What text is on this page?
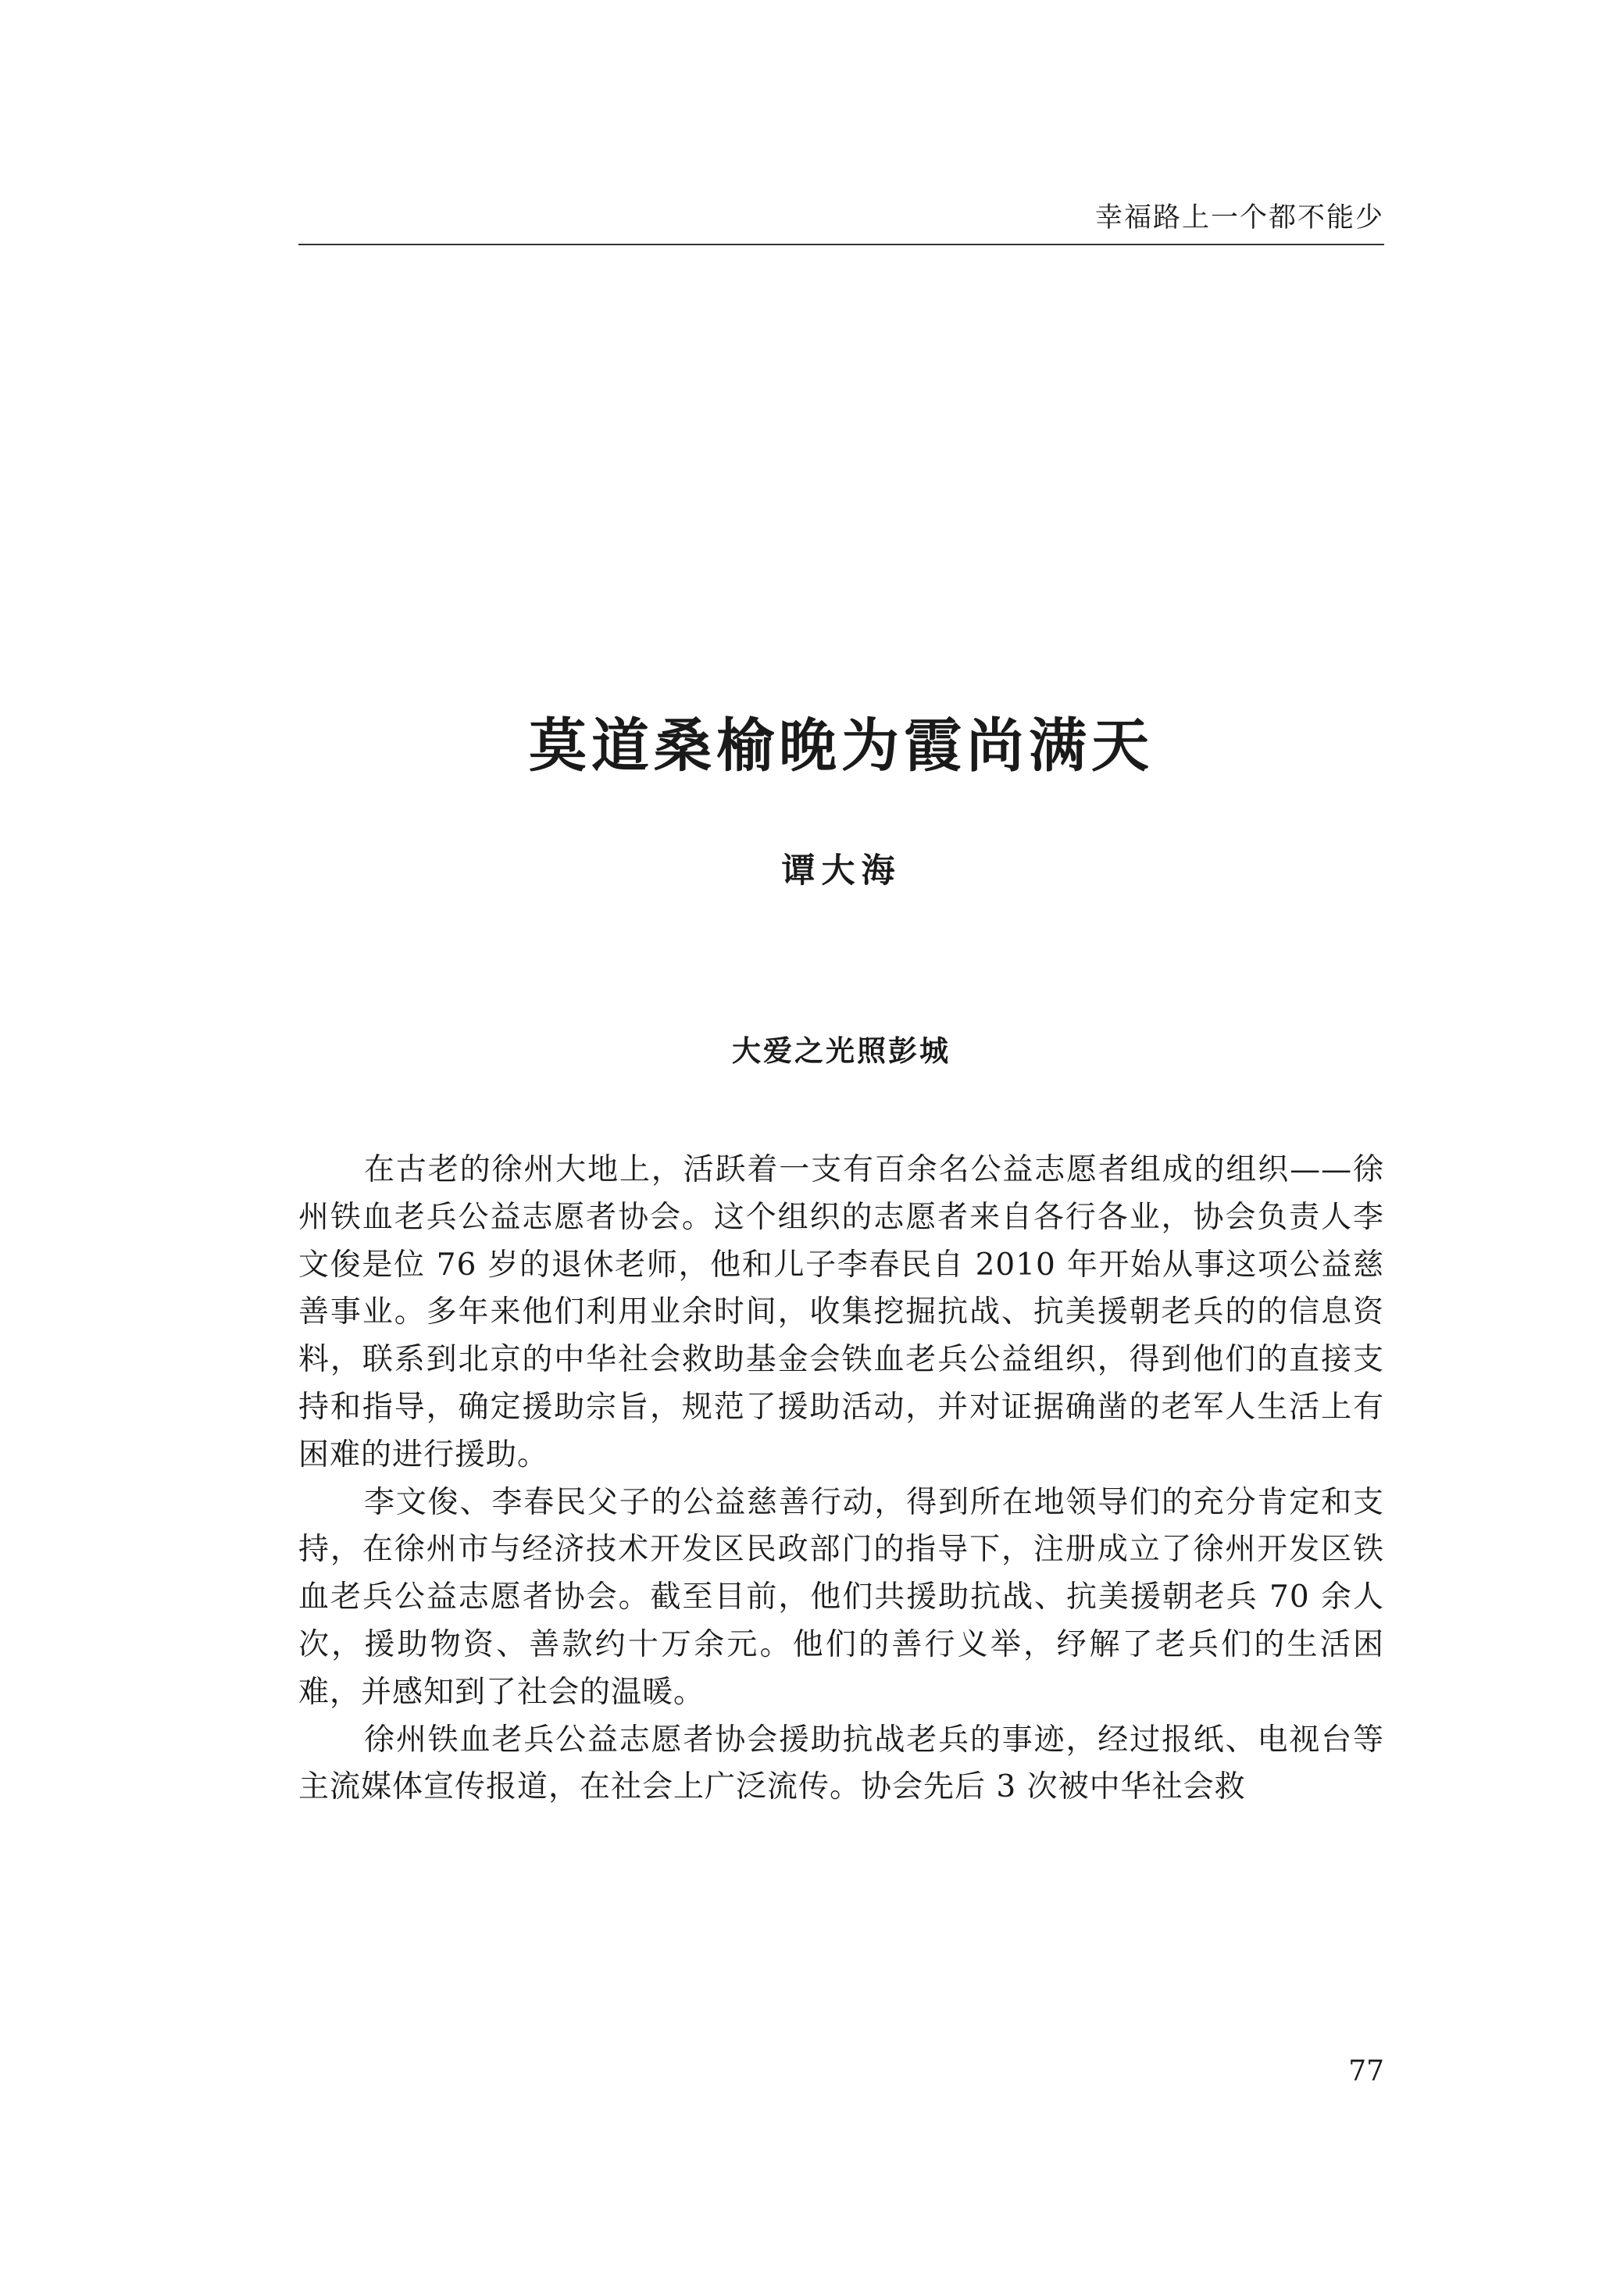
幸福路上一个都不能少
莫道桑榆晚为霞尚满天
谭大海
大爱之光照彭城

在古老的徐州大地上，活跃着一支有百余名公益志愿者组成的组织——徐州铁血老兵公益志愿者协会。这个组织的志愿者来自各行各业，协会负责人李文俊是位 76 岁的退休老师，他和儿子李春民自 2010 年开始从事这项公益慈善事业。多年来他们利用业余时间，收集挖掘抗战、抗美援朝老兵的的信息资料，联系到北京的中华社会救助基金会铁血老兵公益组织，得到他们的直接支持和指导，确定援助宗旨，规范了援助活动，并对证据确凿的老军人生活上有困难的进行援助。

李文俊、李春民父子的公益慈善行动，得到所在地领导们的充分肯定和支持，在徐州市与经济技术开发区民政部门的指导下，注册成立了徐州开发区铁血老兵公益志愿者协会。截至目前，他们共援助抗战、抗美援朝老兵 70 余人次，援助物资、善款约十万余元。他们的善行义举，纾解了老兵们的生活困难，并感知到了社会的温暖。

徐州铁血老兵公益志愿者协会援助抗战老兵的事迹，经过报纸、电视台等主流媒体宣传报道，在社会上广泛流传。协会先后 3 次被中华社会救

77
